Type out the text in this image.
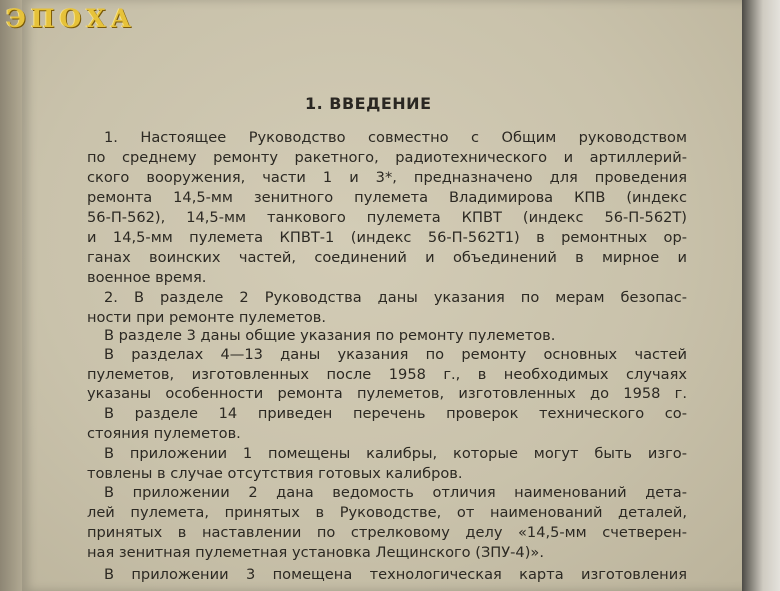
ЭПОХА
1. ВВЕДЕНИЕ
1. Настоящее Руководство совместно с Общим руководством
по среднему ремонту ракетного, радиотехнического и артиллерий-
ского вооружения, части 1 и 3*, предназначено для проведения
ремонта 14,5-мм зенитного пулемета Владимирова КПВ (индекс
56-П-562), 14,5-мм танкового пулемета КПВТ (индекс 56-П-562Т)
и 14,5-мм пулемета КПВТ-1 (индекс 56-П-562Т1) в ремонтных ор-
ганах воинских частей, соединений и объединений в мирное и
военное время.
2. В разделе 2 Руководства даны указания по мерам безопас-
ности при ремонте пулеметов.
В разделе 3 даны общие указания по ремонту пулеметов.
В разделах 4—13 даны указания по ремонту основных частей
пулеметов, изготовленных после 1958 г., в необходимых случаях
указаны особенности ремонта пулеметов, изготовленных до 1958 г.
В разделе 14 приведен перечень проверок технического со-
стояния пулеметов.
В приложении 1 помещены калибры, которые могут быть изго-
товлены в случае отсутствия готовых калибров.
В приложении 2 дана ведомость отличия наименований дета-
лей пулемета, принятых в Руководстве, от наименований деталей,
принятых в наставлении по стрелковому делу «14,5-мм счетверен-
ная зенитная пулеметная установка Лещинского (ЗПУ-4)».
В приложении 3 помещена технологическая карта изготовления
